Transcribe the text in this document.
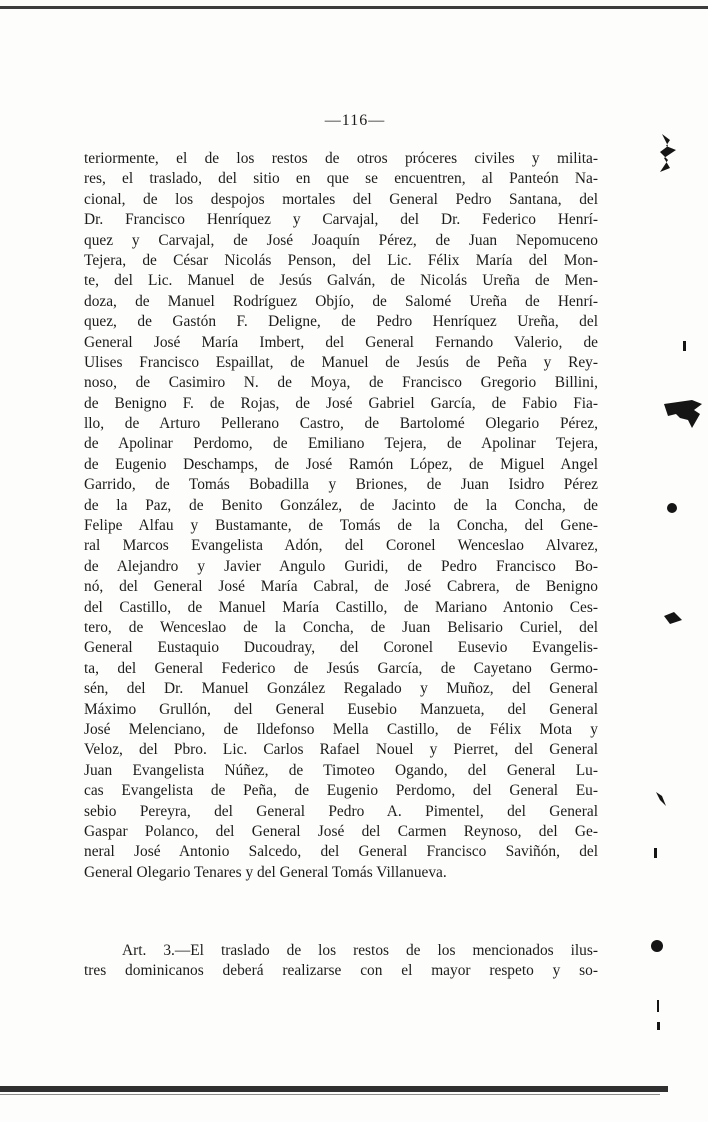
—116—
teriormente, el de los restos de otros próceres civiles y milita-
res, el traslado, del sitio en que se encuentren, al Panteón Na-
cional, de los despojos mortales del General Pedro Santana, del
Dr. Francisco Henríquez y Carvajal, del Dr. Federico Henrí-
quez y Carvajal, de José Joaquín Pérez, de Juan Nepomuceno
Tejera, de César Nicolás Penson, del Lic. Félix María del Mon-
te, del Lic. Manuel de Jesús Galván, de Nicolás Ureña de Men-
doza, de Manuel Rodríguez Objío, de Salomé Ureña de Henrí-
quez, de Gastón F. Deligne, de Pedro Henríquez Ureña, del
General José María Imbert, del General Fernando Valerio, de
Ulises Francisco Espaillat, de Manuel de Jesús de Peña y Rey-
noso, de Casimiro N. de Moya, de Francisco Gregorio Billini,
de Benigno F. de Rojas, de José Gabriel García, de Fabio Fia-
llo, de Arturo Pellerano Castro, de Bartolomé Olegario Pérez,
de Apolinar Perdomo, de Emiliano Tejera, de Apolinar Tejera,
de Eugenio Deschamps, de José Ramón López, de Miguel Angel
Garrido, de Tomás Bobadilla y Briones, de Juan Isidro Pérez
de la Paz, de Benito González, de Jacinto de la Concha, de
Felipe Alfau y Bustamante, de Tomás de la Concha, del Gene-
ral Marcos Evangelista Adón, del Coronel Wenceslao Alvarez,
de Alejandro y Javier Angulo Guridi, de Pedro Francisco Bo-
nó, del General José María Cabral, de José Cabrera, de Benigno
del Castillo, de Manuel María Castillo, de Mariano Antonio Ces-
tero, de Wenceslao de la Concha, de Juan Belisario Curiel, del
General Eustaquio Ducoudray, del Coronel Eusevio Evangelis-
ta, del General Federico de Jesús García, de Cayetano Germo-
sén, del Dr. Manuel González Regalado y Muñoz, del General
Máximo Grullón, del General Eusebio Manzueta, del General
José Melenciano, de Ildefonso Mella Castillo, de Félix Mota y
Veloz, del Pbro. Lic. Carlos Rafael Nouel y Pierret, del General
Juan Evangelista Núñez, de Timoteo Ogando, del General Lu-
cas Evangelista de Peña, de Eugenio Perdomo, del General Eu-
sebio Pereyra, del General Pedro A. Pimentel, del General
Gaspar Polanco, del General José del Carmen Reynoso, del Ge-
neral José Antonio Salcedo, del General Francisco Saviñón, del
General Olegario Tenares y del General Tomás Villanueva.
Art. 3.—El traslado de los restos de los mencionados ilus-
tres dominicanos deberá realizarse con el mayor respeto y so-
